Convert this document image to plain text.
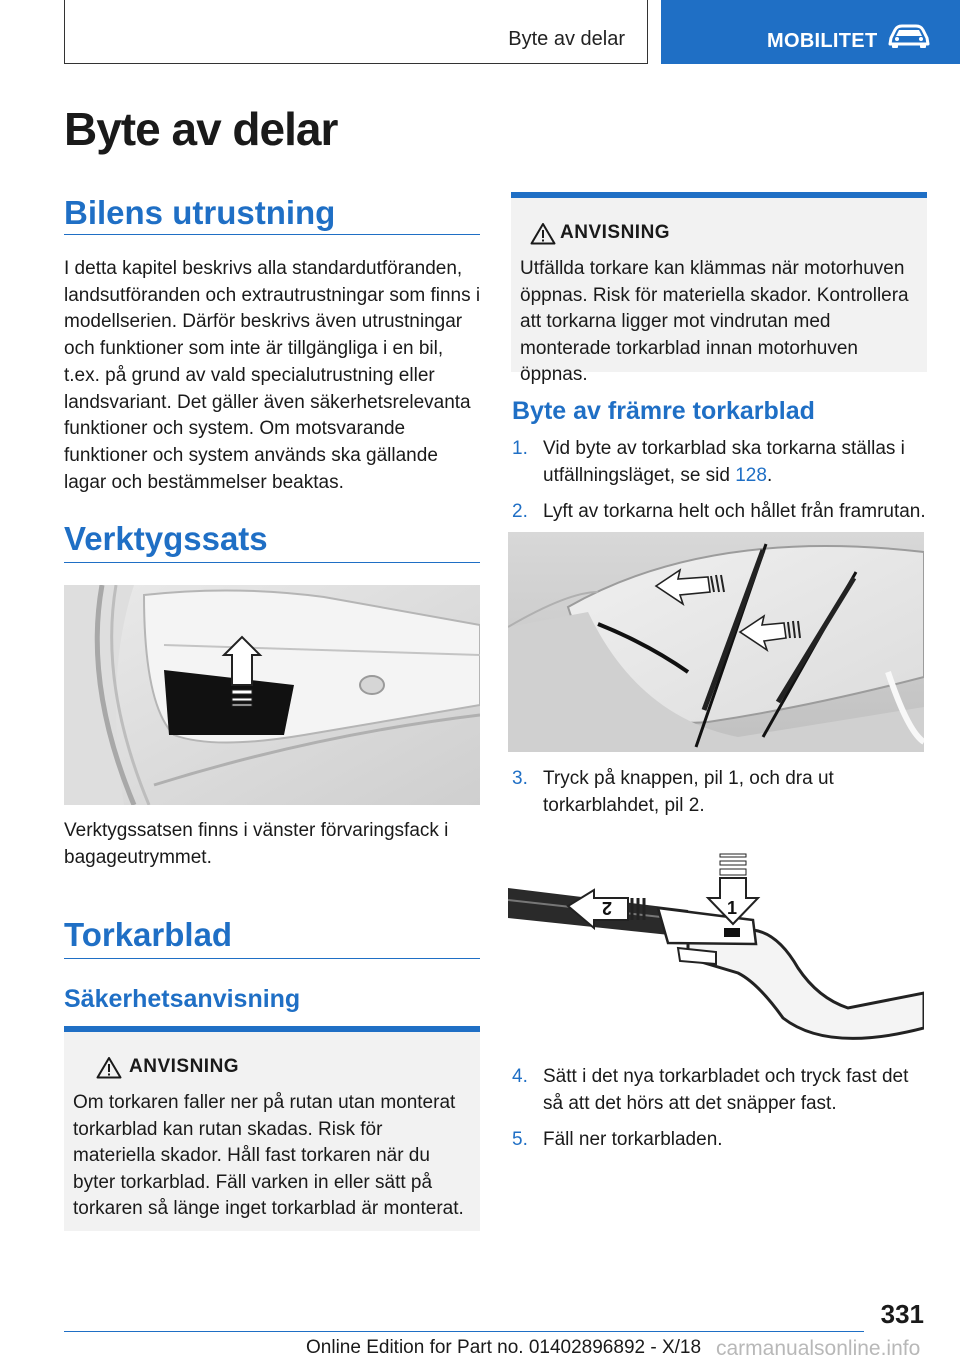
Byte av delar	MOBILITET
Byte av delar
Bilens utrustning
I detta kapitel beskrivs alla standardutföranden, landsutföranden och extrautrustningar som finns i modellserien. Därför beskrivs även utrustningar och funktioner som inte är tillgängliga i en bil, t.ex. på grund av vald specialutrustning eller landsvariant. Det gäller även säkerhetsrelevanta funktioner och system. Om motsvarande funktioner och system används ska gällande lagar och bestämmelser beaktas.
Verktygssats
Verktygssatsen finns i vänster förvaringsfack i bagageutrymmet.
Torkarblad
Säkerhetsanvisning
ANVISNING
Om torkaren faller ner på rutan utan monterat torkarblad kan rutan skadas. Risk för materiella skador. Håll fast torkaren när du byter torkarblad. Fäll varken in eller sätt på torkaren så länge inget torkarblad är monterat.
ANVISNING
Utfällda torkare kan klämmas när motorhuven öppnas. Risk för materiella skador. Kontrollera att torkarna ligger mot vindrutan med monterade torkarblad innan motorhuven öppnas.
Byte av främre torkarblad
1. Vid byte av torkarblad ska torkarna ställas i utfällningsläget, se sid 128.
2. Lyft av torkarna helt och hållet från framrutan.
3. Tryck på knappen, pil 1, och dra ut torkarblahdet, pil 2.
1
2
4. Sätt i det nya torkarbladet och tryck fast det så att det hörs att det snäpper fast.
5. Fäll ner torkarbladen.
331
Online Edition for Part no. 01402896892 - X/18 carmanualsonline.info
